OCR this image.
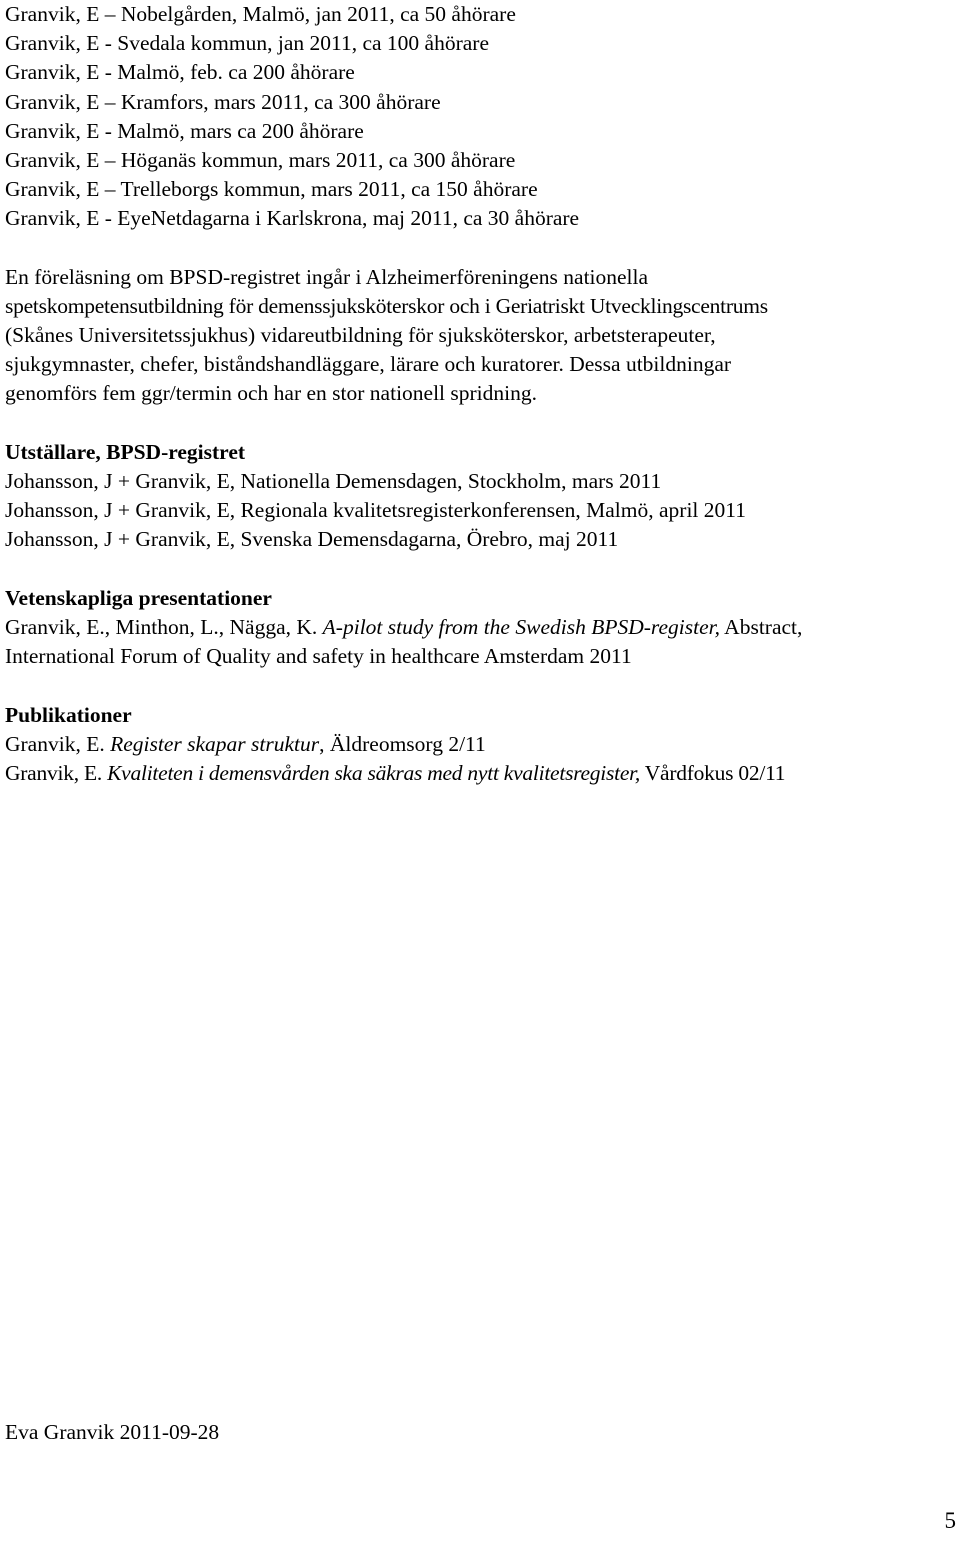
Granvik, E – Nobelgården, Malmö, jan 2011, ca 50 åhörare

Granvik, E - Svedala kommun, jan 2011, ca 100 åhörare

Granvik, E - Malmö, feb. ca 200 åhörare

Granvik, E – Kramfors, mars 2011, ca 300 åhörare

Granvik, E - Malmö, mars ca 200 åhörare

Granvik, E – Höganäs kommun, mars 2011, ca 300 åhörare

Granvik, E – Trelleborgs kommun, mars 2011, ca 150 åhörare

Granvik, E - EyeNetdagarna i Karlskrona, maj 2011, ca 30 åhörare

En föreläsning om BPSD-registret ingår i Alzheimerföreningens nationella

spetskompetensutbildning för demenssjuksköterskor och i Geriatriskt Utvecklingscentrums

(Skånes Universitetssjukhus) vidareutbildning för sjuksköterskor, arbetsterapeuter,

sjukgymnaster, chefer, biståndshandläggare, lärare och kuratorer. Dessa utbildningar

genomförs fem ggr/termin och har en stor nationell spridning.

Utställare, BPSD-registret

Johansson, J + Granvik, E, Nationella Demensdagen, Stockholm, mars 2011

Johansson, J + Granvik, E, Regionala kvalitetsregisterkonferensen, Malmö, april 2011

Johansson, J + Granvik, E, Svenska Demensdagarna, Örebro, maj 2011

Vetenskapliga presentationer

Granvik, E., Minthon, L., Nägga, K. A-pilot study from the Swedish BPSD-register, Abstract,

International Forum of Quality and safety in healthcare Amsterdam 2011

Publikationer

Granvik, E. Register skapar struktur, Äldreomsorg 2/11

Granvik, E. Kvaliteten i demensvården ska säkras med nytt kvalitetsregister, Vårdfokus 02/11

Eva Granvik 2011-09-28
5
